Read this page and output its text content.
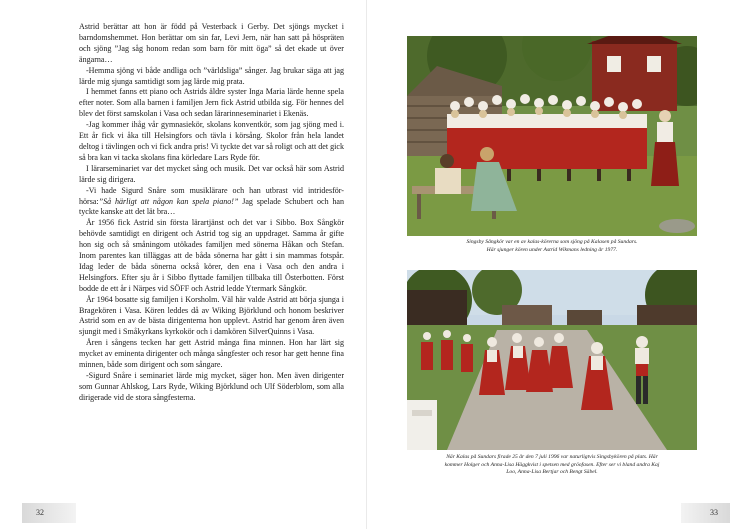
Astrid berättar att hon är född på Vesterback i Gerby. Det sjöngs mycket i barndomshemmet. Hon berättar om sin far, Levi Jern, när han satt på höspräten och sjöng ”Jag såg honom redan som barn för mitt öga” så det ekade ut över ängarna…

-Hemma sjöng vi både andliga och ”världsliga” sånger. Jag brukar säga att jag lärde mig sjunga samtidigt som jag lärde mig prata.

I hemmet fanns ett piano och Astrids äldre syster Inga Maria lärde henne spela efter noter. Som alla barnen i familjen Jern fick Astrid utbilda sig. För hennes del blev det först samskolan i Vasa och sedan lärarinneseminariet i Ekenäs.

-Jag kommer ihåg vår gymnasiekör, skolans konventkör, som jag sjöng med i. Ett år fick vi åka till Helsingfors och tävla i körsång. Skolor från hela landet deltog i tävlingen och vi fick andra pris! Vi tyckte det var så roligt och att det gick så bra kan vi tacka skolans fina körledare Lars Ryde för.

I lärarseminariet var det mycket sång och musik. Det var också här som Astrid lärde sig dirigera.

-Vi hade Sigurd Snåre som musiklärare och han utbrast vid intridesför-hörsa:”Så härligt att någon kan spela piano!” Jag spelade Schubert och han tyckte kanske att det lät bra…

År 1956 fick Astrid sin första lärartjänst och det var i Sibbo. Box Sångkör behövde samtidigt en dirigent och Astrid tog sig an uppdraget. Samma år gifte hon sig och så småningom utökades familjen med sönerna Håkan och Stefan. Inom parentes kan tilläggas att de båda sönerna har gått i sin mammas fotspår. Idag leder de båda sönerna också körer, den ena i Vasa och den andra i Helsingfors. Efter sju år i Sibbo flyttade familjen tillbaka till Österbotten. Först bodde de ett år i Närpes vid SÖFF och Astrid ledde Ytermark Sångkör.

År 1964 bosatte sig familjen i Korsholm. Väl här valde Astrid att börja sjunga i Bragekören i Vasa. Kören leddes då av Wiking Björklund och honom beskriver Astrid som en av de bästa dirigenterna hon upplevt. Astrid har genom åren även sjungit med i Småkyrkans kyrkokör och i damkören SilverQuinns i Vasa.

Åren i sångens tecken har gett Astrid många fina minnen. Hon har lärt sig mycket av eminenta dirigenter och många sångfester och resor har gett henne fina minnen, både som dirigent och som sångare.

-Sigurd Snåre i seminariet lärde mig mycket, säger hon. Men även dirigenter som Gunnar Ahlskog, Lars Ryde, Wiking Björklund och Ulf Söderblom, som alla dirigerade vid de stora sångfesterna.

32

Singsby Sångkör var en av kalas-körerna som sjöng på Kalasen på Sundars.

Här sjunger kören under Astrid Wikmans ledning år 1977.

När Kalas på Sundars firade 25 år den 7 juli 1996 var naturligtvis Singsbykören på plats. Här

kommer Holger och Anna-Lisa Häggkvist i spetsen med gröofasen. Efter ser vi bland andra Kaj

Loo, Anna-Lisa Bertjar och Bengt Säbel.

33
